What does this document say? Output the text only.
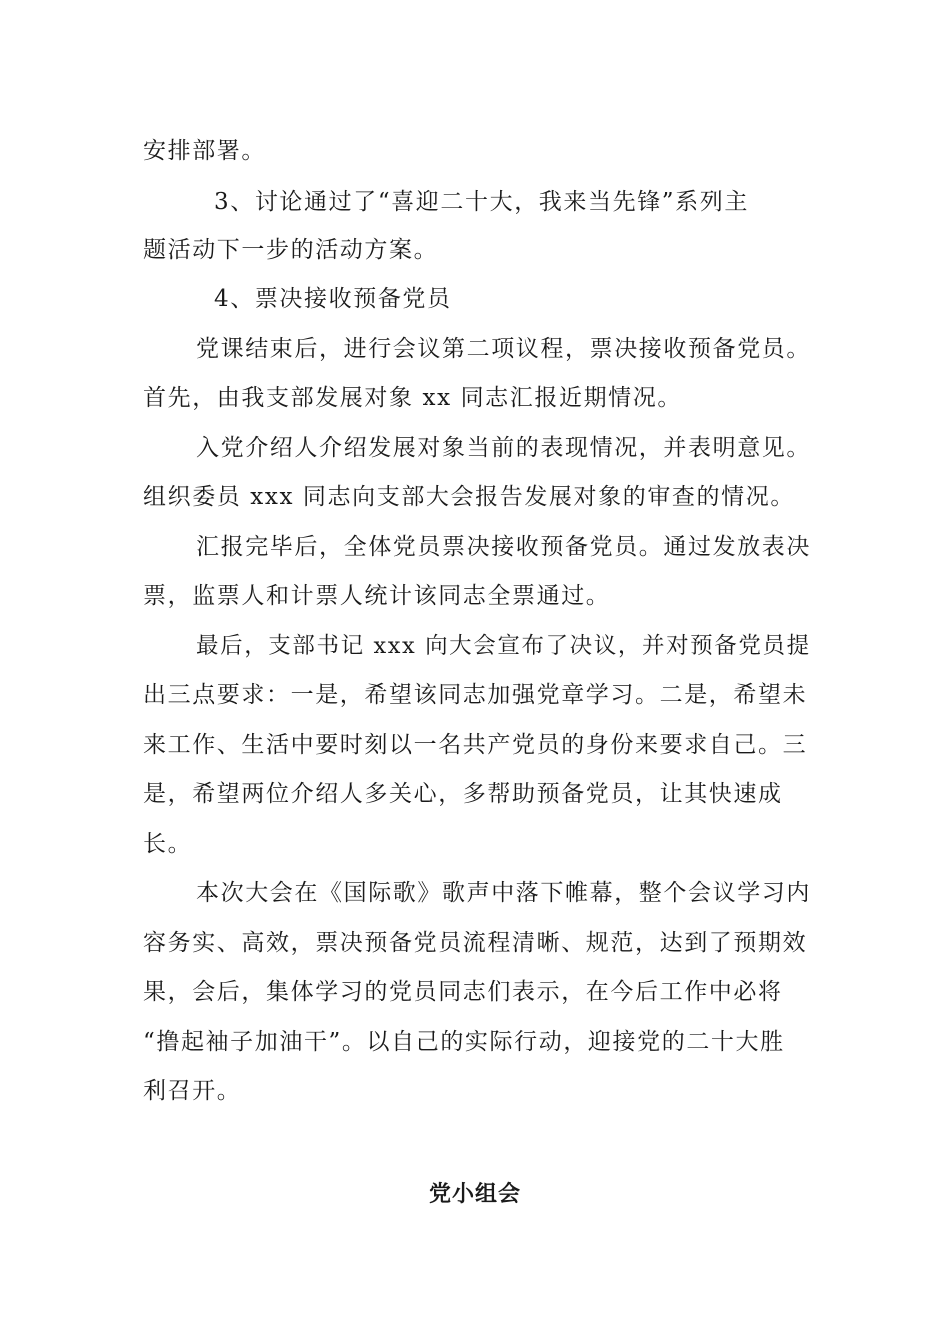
安排部署。
3、讨论通过了“喜迎二十大，我来当先锋”系列主
题活动下一步的活动方案。
4、票决接收预备党员
党课结束后，进行会议第二项议程，票决接收预备党员。
首先，由我支部发展对象 xx 同志汇报近期情况。
入党介绍人介绍发展对象当前的表现情况，并表明意见。
组织委员 xxx 同志向支部大会报告发展对象的审查的情况。
汇报完毕后，全体党员票决接收预备党员。通过发放表决
票，监票人和计票人统计该同志全票通过。
最后，支部书记 xxx 向大会宣布了决议，并对预备党员提
出三点要求：一是，希望该同志加强党章学习。二是，希望未
来工作、生活中要时刻以一名共产党员的身份来要求自己。三
是，希望两位介绍人多关心，多帮助预备党员，让其快速成
长。
本次大会在《国际歌》歌声中落下帷幕，整个会议学习内
容务实、高效，票决预备党员流程清晰、规范，达到了预期效
果，会后，集体学习的党员同志们表示，在今后工作中必将
“撸起袖子加油干”。以自己的实际行动，迎接党的二十大胜
利召开。
党小组会
